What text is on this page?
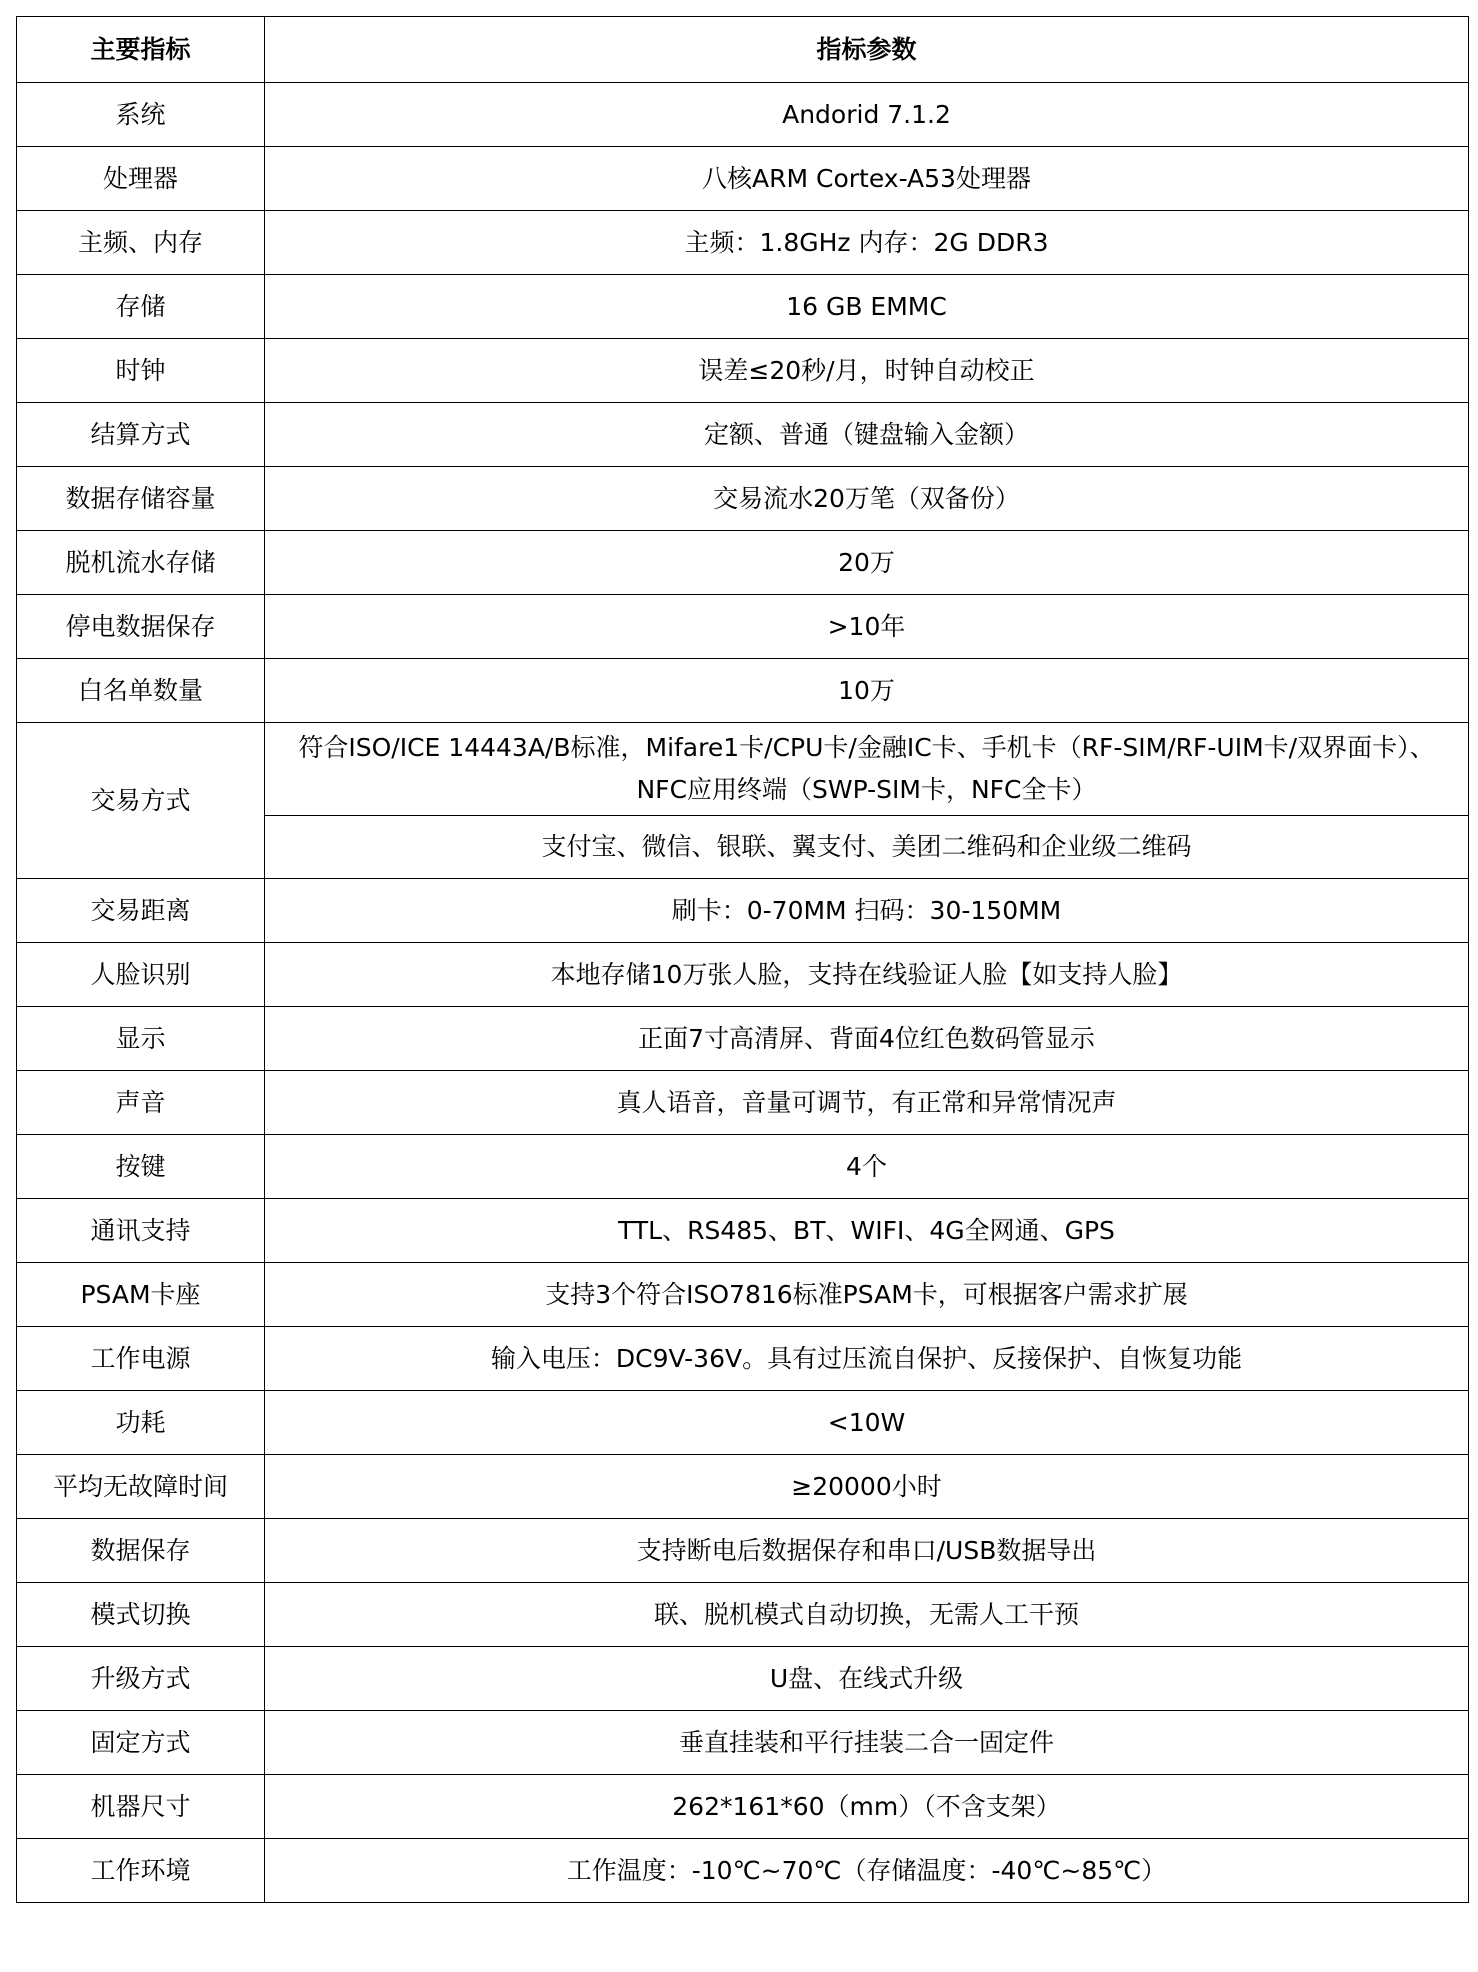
主要指标	指标参数
系统	Andorid 7.1.2
处理器	八核ARM Cortex-A53处理器
主频、内存	主频：1.8GHz 内存：2G DDR3
存储	16 GB EMMC
时钟	误差≤20秒/月，时钟自动校正
结算方式	定额、普通（键盘输入金额）
数据存储容量	交易流水20万笔（双备份）
脱机流水存储	20万
停电数据保存	>10年
白名单数量	10万
交易方式	符合ISO/ICE 14443A/B标准，Mifare1卡/CPU卡/金融IC卡、手机卡（RF-SIM/RF-UIM卡/双界面卡）、NFC应用终端（SWP-SIM卡，NFC全卡）
	支付宝、微信、银联、翼支付、美团二维码和企业级二维码
交易距离	刷卡：0-70MM 扫码：30-150MM
人脸识别	本地存储10万张人脸，支持在线验证人脸【如支持人脸】
显示	正面7寸高清屏、背面4位红色数码管显示
声音	真人语音，音量可调节，有正常和异常情况声
按键	4个
通讯支持	TTL、RS485、BT、WIFI、4G全网通、GPS
PSAM卡座	支持3个符合ISO7816标准PSAM卡，可根据客户需求扩展
工作电源	输入电压：DC9V-36V。具有过压流自保护、反接保护、自恢复功能
功耗	<10W
平均无故障时间	≥20000小时
数据保存	支持断电后数据保存和串口/USB数据导出
模式切换	联、脱机模式自动切换，无需人工干预
升级方式	U盘、在线式升级
固定方式	垂直挂装和平行挂装二合一固定件
机器尺寸	262*161*60（mm）（不含支架）
工作环境	工作温度：-10℃~70℃（存储温度：-40℃~85℃）
